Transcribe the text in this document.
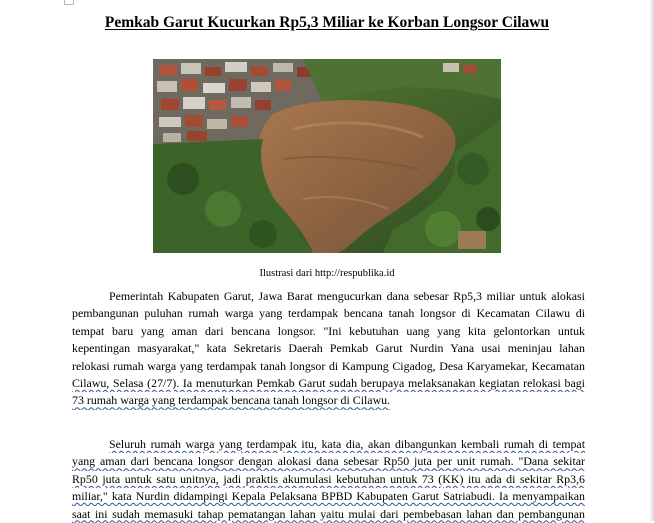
Pemkab Garut Kucurkan Rp5,3 Miliar ke Korban Longsor Cilawu
Ilustrasi dari http://respublika.id
Pemerintah Kabupaten Garut, Jawa Barat mengucurkan dana sebesar Rp5,3 miliar untuk alokasi
pembangunan puluhan rumah warga yang terdampak bencana tanah longsor di Kecamatan Cilawu di
tempat baru yang aman dari bencana longsor. "Ini kebutuhan uang yang kita gelontorkan untuk
kepentingan masyarakat," kata Sekretaris Daerah Pemkab Garut Nurdin Yana usai meninjau lahan
relokasi rumah warga yang terdampak tanah longsor di Kampung Cigadog, Desa Karyamekar, Kecamatan
Cilawu, Selasa (27/7). Ia menuturkan Pemkab Garut sudah berupaya melaksanakan kegiatan relokasi bagi
73 rumah warga yang terdampak bencana tanah longsor di Cilawu.
Seluruh rumah warga yang terdampak itu, kata dia, akan dibangunkan kembali rumah di tempat
yang aman dari bencana longsor dengan alokasi dana sebesar Rp50 juta per unit rumah. "Dana sekitar
Rp50 juta untuk satu unitnya, jadi praktis akumulasi kebutuhan untuk 73 (KK) itu ada di sekitar Rp3,6
miliar," kata Nurdin didampingi Kepala Pelaksana BPBD Kabupaten Garut Satriabudi. Ia menyampaikan
saat ini sudah memasuki tahap pematangan lahan yaitu mulai dari pembebasan lahan dan pembangunan
